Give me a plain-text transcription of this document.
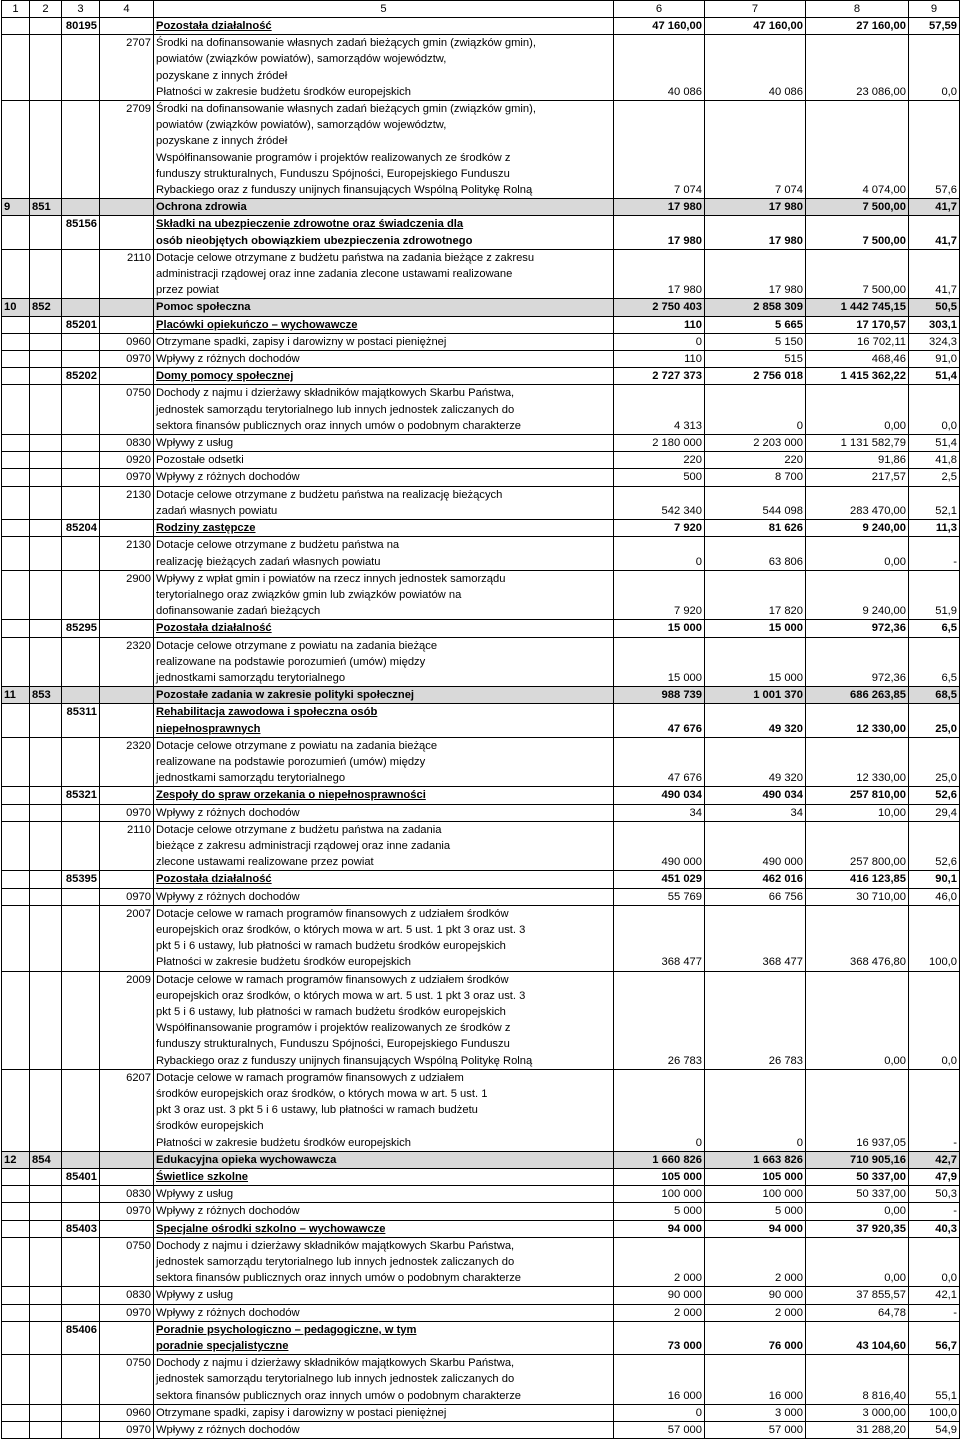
1	2	3	4	5	6	7	8	9
		80195		Pozostała działalność	47 160,00	47 160,00	27 160,00	57,59
			2707	Środki na dofinansowanie własnych zadań bieżących gmin (związków gmin),				
				powiatów (związków powiatów), samorządów województw,				
				pozyskane z innych źródeł				
				Płatności w zakresie budżetu środków europejskich	40 086	40 086	23 086,00	0,0
			2709	Środki na dofinansowanie własnych zadań bieżących gmin (związków gmin),				
				powiatów (związków powiatów), samorządów województw,				
				pozyskane z innych źródeł				
				Współfinansowanie programów i projektów realizowanych ze środków z				
				funduszy strukturalnych, Funduszu Spójności, Europejskiego Funduszu				
				Rybackiego oraz z funduszy unijnych finansujących Wspólną Politykę Rolną	7 074	7 074	4 074,00	57,6
9	851			Ochrona zdrowia	17 980	17 980	7 500,00	41,7
		85156		Składki na ubezpieczenie zdrowotne oraz świadczenia dla				
				osób nieobjętych obowiązkiem ubezpieczenia zdrowotnego	17 980	17 980	7 500,00	41,7
			2110	Dotacje celowe otrzymane z budżetu państwa na zadania bieżące z zakresu				
				administracji rządowej oraz inne zadania zlecone ustawami realizowane				
				przez powiat	17 980	17 980	7 500,00	41,7
10	852			Pomoc społeczna	2 750 403	2 858 309	1 442 745,15	50,5
		85201		Placówki opiekuńczo – wychowawcze	110	5 665	17 170,57	303,1
			0960	Otrzymane spadki, zapisy i darowizny w postaci pieniężnej	0	5 150	16 702,11	324,3
			0970	Wpływy z różnych dochodów	110	515	468,46	91,0
		85202		Domy pomocy społecznej	2 727 373	2 756 018	1 415 362,22	51,4
			0750	Dochody z najmu i dzierżawy składników majątkowych Skarbu Państwa,				
				jednostek samorządu terytorialnego lub innych jednostek zaliczanych do				
				sektora finansów publicznych oraz innych umów o podobnym charakterze	4 313	0	0,00	0,0
			0830	Wpływy z usług	2 180 000	2 203 000	1 131 582,79	51,4
			0920	Pozostałe odsetki	220	220	91,86	41,8
			0970	Wpływy z różnych dochodów	500	8 700	217,57	2,5
			2130	Dotacje celowe otrzymane z budżetu państwa na realizację bieżących				
				zadań własnych powiatu	542 340	544 098	283 470,00	52,1
		85204		Rodziny zastępcze	7 920	81 626	9 240,00	11,3
			2130	Dotacje celowe otrzymane z budżetu państwa na				
				realizację bieżących zadań własnych powiatu	0	63 806	0,00	-
			2900	Wpływy z wpłat gmin i powiatów na rzecz innych jednostek samorządu				
				terytorialnego oraz związków gmin lub związków powiatów na				
				dofinansowanie zadań bieżących	7 920	17 820	9 240,00	51,9
		85295		Pozostała działalność	15 000	15 000	972,36	6,5
			2320	Dotacje celowe otrzymane z powiatu na zadania bieżące				
				realizowane na podstawie porozumień (umów) między				
				jednostkami samorządu terytorialnego	15 000	15 000	972,36	6,5
11	853			Pozostałe zadania w zakresie polityki społecznej	988 739	1 001 370	686 263,85	68,5
		85311		Rehabilitacja zawodowa i społeczna osób				
				niepełnosprawnych	47 676	49 320	12 330,00	25,0
			2320	Dotacje celowe otrzymane z powiatu na zadania bieżące				
				realizowane na podstawie porozumień (umów) między				
				jednostkami samorządu terytorialnego	47 676	49 320	12 330,00	25,0
		85321		Zespoły do spraw orzekania o niepełnosprawności	490 034	490 034	257 810,00	52,6
			0970	Wpływy z różnych dochodów	34	34	10,00	29,4
			2110	Dotacje celowe otrzymane z budżetu państwa na zadania				
				bieżące z zakresu administracji rządowej oraz inne zadania				
				zlecone ustawami realizowane przez powiat	490 000	490 000	257 800,00	52,6
		85395		Pozostała działalność	451 029	462 016	416 123,85	90,1
			0970	Wpływy z różnych dochodów	55 769	66 756	30 710,00	46,0
			2007	Dotacje celowe w ramach programów finansowych z udziałem środków				
				europejskich oraz środków, o których mowa w art. 5 ust. 1 pkt 3 oraz ust. 3				
				pkt 5 i 6 ustawy, lub płatności w ramach budżetu środków europejskich				
				Płatności w zakresie budżetu środków europejskich	368 477	368 477	368 476,80	100,0
			2009	Dotacje celowe w ramach programów finansowych z udziałem środków				
				europejskich oraz środków, o których mowa w art. 5 ust. 1 pkt 3 oraz ust. 3				
				pkt 5 i 6 ustawy, lub płatności w ramach budżetu środków europejskich				
				Współfinansowanie programów i projektów realizowanych ze środków z				
				funduszy strukturalnych, Funduszu Spójności, Europejskiego Funduszu				
				Rybackiego oraz z funduszy unijnych finansujących Wspólną Politykę Rolną	26 783	26 783	0,00	0,0
			6207	Dotacje celowe w ramach programów finansowych z udziałem				
				środków europejskich oraz środków, o których mowa w art. 5 ust. 1				
				pkt 3 oraz ust. 3 pkt 5 i 6 ustawy, lub płatności w ramach budżetu				
				środków europejskich				
				Płatności w zakresie budżetu środków europejskich	0	0	16 937,05	-
12	854			Edukacyjna opieka wychowawcza	1 660 826	1 663 826	710 905,16	42,7
		85401		Świetlice szkolne	105 000	105 000	50 337,00	47,9
			0830	Wpływy z usług	100 000	100 000	50 337,00	50,3
			0970	Wpływy z różnych dochodów	5 000	5 000	0,00	-
		85403		Specjalne ośrodki szkolno – wychowawcze	94 000	94 000	37 920,35	40,3
			0750	Dochody z najmu i dzierżawy składników majątkowych Skarbu Państwa,				
				jednostek samorządu terytorialnego lub innych jednostek zaliczanych do				
				sektora finansów publicznych oraz innych umów o podobnym charakterze	2 000	2 000	0,00	0,0
			0830	Wpływy z usług	90 000	90 000	37 855,57	42,1
			0970	Wpływy z różnych dochodów	2 000	2 000	64,78	-
		85406		Poradnie psychologiczno – pedagogiczne, w tym				
				poradnie specjalistyczne	73 000	76 000	43 104,60	56,7
			0750	Dochody z najmu i dzierżawy składników majątkowych Skarbu Państwa,				
				jednostek samorządu terytorialnego lub innych jednostek zaliczanych do				
				sektora finansów publicznych oraz innych umów o podobnym charakterze	16 000	16 000	8 816,40	55,1
			0960	Otrzymane spadki, zapisy i darowizny w postaci pieniężnej	0	3 000	3 000,00	100,0
			0970	Wpływy z różnych dochodów	57 000	57 000	31 288,20	54,9
